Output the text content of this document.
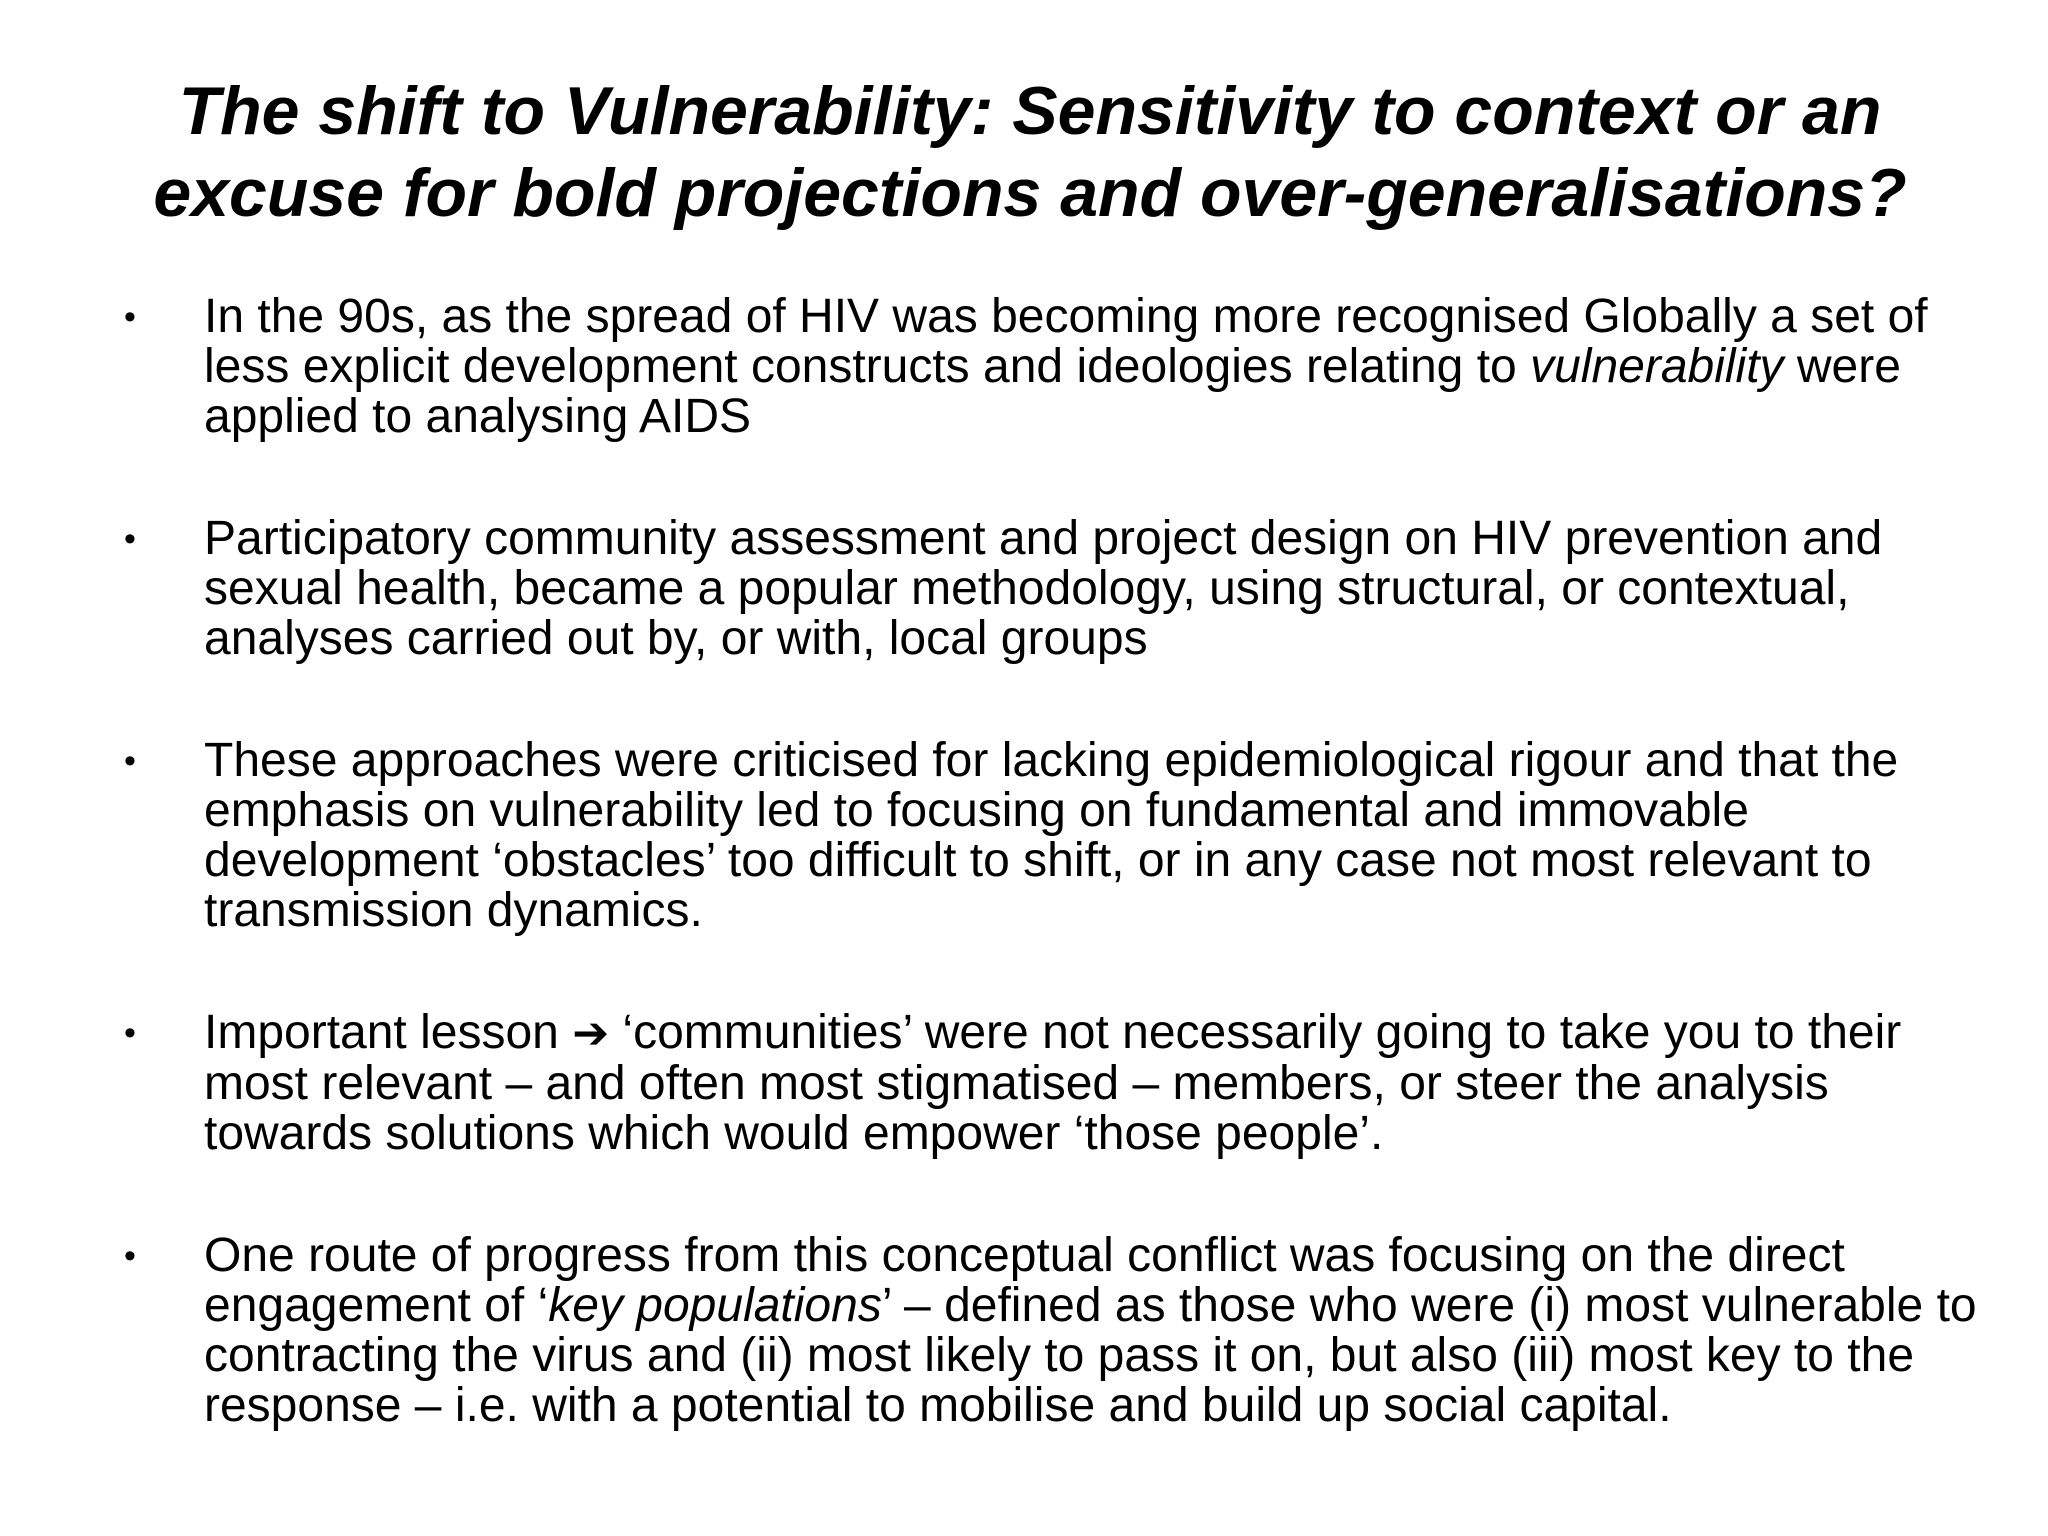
The shift to Vulnerability: Sensitivity to context or an excuse for bold projections and over-generalisations?
• In the 90s, as the spread of HIV was becoming more recognised Globally a set of less explicit development constructs and ideologies relating to vulnerability were applied to analysing AIDS
• Participatory community assessment and project design on HIV prevention and sexual health, became a popular methodology, using structural, or contextual, analyses carried out by, or with, local groups
• These approaches were criticised for lacking epidemiological rigour and that the emphasis on vulnerability led to focusing on fundamental and immovable development ‘obstacles’ too difficult to shift, or in any case not most relevant to transmission dynamics.
• Important lesson ➔ ‘communities’ were not necessarily going to take you to their most relevant – and often most stigmatised – members, or steer the analysis towards solutions which would empower ‘those people’.
• One route of progress from this conceptual conflict was focusing on the direct engagement of ‘key populations’ – defined as those who were (i) most vulnerable to contracting the virus and (ii) most likely to pass it on, but also (iii) most key to the response – i.e. with a potential to mobilise and build up social capital.
